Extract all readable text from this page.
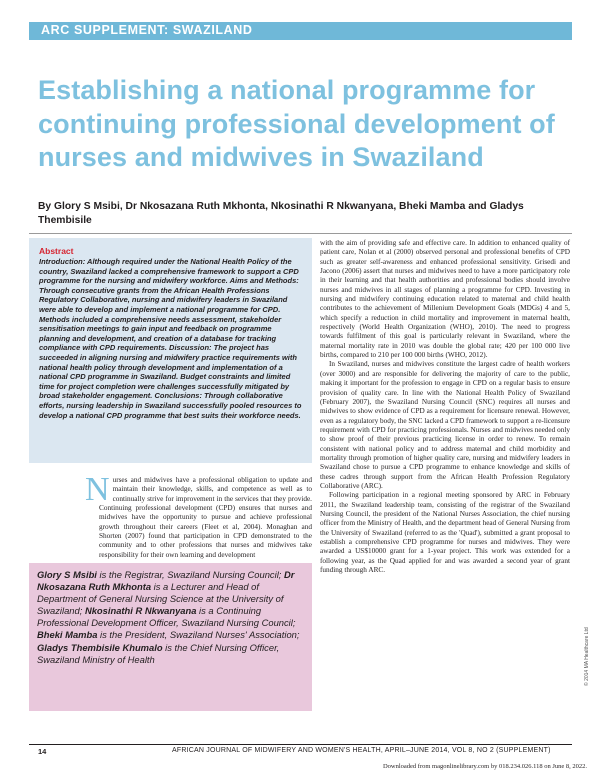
ARC SUPPLEMENT: SWAZILAND
Establishing a national programme for continuing professional development of nurses and midwives in Swaziland
By Glory S Msibi, Dr Nkosazana Ruth Mkhonta, Nkosinathi R Nkwanyana, Bheki Mamba and Gladys Thembisile
Abstract
Introduction: Although required under the National Health Policy of the country, Swaziland lacked a comprehensive framework to support a CPD programme for the nursing and midwifery workforce. Aims and Methods: Through consecutive grants from the African Health Professions Regulatory Collaborative, nursing and midwifery leaders in Swaziland were able to develop and implement a national programme for CPD. Methods included a comprehensive needs assessment, stakeholder sensitisation meetings to gain input and feedback on programme planning and development, and creation of a database for tracking compliance with CPD requirements. Discussion: The project has succeeded in aligning nursing and midwifery practice requirements with national health policy through development and implementation of a national CPD programme in Swaziland. Budget constraints and limited time for project completion were challenges successfully mitigated by broad stakeholder engagement. Conclusions: Through collaborative efforts, nursing leadership in Swaziland successfully pooled resources to develop a national CPD programme that best suits their workforce needs.

Nurses and midwives have a professional obligation to update and maintain their knowledge, skills, and competence as well as to continually strive for improvement in the services that they provide. Continuing professional development (CPD) ensures that nurses and midwives have the opportunity to pursue and achieve professional growth throughout their careers (Fleet et al, 2004). Monaghan and Shorten (2007) found that participation in CPD demonstrated to the community and to other professions that nurses and midwives take responsibility for their own learning and development

with the aim of providing safe and effective care. In addition to enhanced quality of patient care, Nolan et al (2000) observed personal and professional benefits of CPD such as greater self-awareness and enhanced professional sensitivity. Grisedi and Jacono (2006) assert that nurses and midwives need to have a more participatory role in their learning and that health authorities and professional bodies should involve nurses and midwives in all stages of planning a programme for CPD. Investing in nursing and midwifery continuing education related to maternal and child health contributes to the achievement of Millenium Development Goals (MDGs) 4 and 5, which specify a reduction in child mortality and improvement in maternal health, respectively (World Health Organization (WHO), 2010). The need to progress towards fulfilment of this goal is particularly relevant in Swaziland, where the maternal mortality rate in 2010 was double the global rate; 420 per 100 000 live births, compared to 210 per 100 000 births (WHO, 2012).

In Swaziland, nurses and midwives constitute the largest cadre of health workers (over 3000) and are responsible for delivering the majority of care to the public, making it important for the profession to engage in CPD on a regular basis to ensure provision of quality care. In line with the National Health Policy of Swaziland (February 2007), the Swaziland Nursing Council (SNC) requires all nurses and midwives to show evidence of CPD as a requirement for licensure renewal. However, even as a regulatory body, the SNC lacked a CPD framework to support a re-licensure requirement with CPD for practicing professionals. Nurses and midwives needed only to show proof of their previous practicing license in order to renew. To remain consistent with national policy and to address maternal and child morbidity and mortality through promotion of higher quality care, nursing and midwifery leaders in Swaziland chose to pursue a CPD programme to enhance knowledge and skills of these cadres through support from the African Health Profession Regulatory Collaborative (ARC).

Following participation in a regional meeting sponsored by ARC in February 2011, the Swaziland leadership team, consisting of the registrar of the Swaziland Nursing Council, the president of the National Nurses Association, the chief nursing officer from the Ministry of Health, and the department head of General Nursing from the University of Swaziland (referred to as the 'Quad'), submitted a grant proposal to establish a comprehensive CPD programme for nurses and midwives. They were awarded a US$10000 grant for a 1-year project. This work was extended for a following year, as the Quad applied for and was awarded a second year of grant funding through ARC.

Glory S Msibi is the Registrar, Swaziland Nursing Council; Dr Nkosazana Ruth Mkhonta is a Lecturer and Head of Department of General Nursing Science at the University of Swaziland; Nkosinathi R Nkwanyana is a Continuing Professional Development Officer, Swaziland Nursing Council; Bheki Mamba is the President, Swaziland Nurses' Association; Gladys Thembisile Khumalo is the Chief Nursing Officer, Swaziland Ministry of Health	© 2014 MA Healthcare Ltd
14	AFRICAN JOURNAL OF MIDWIFERY AND WOMEN'S HEALTH, APRIL–JUNE 2014, VOL 8, NO 2 (SUPPLEMENT)
Downloaded from magonlinelibrary.com by 018.234.026.118 on June 8, 2022.
